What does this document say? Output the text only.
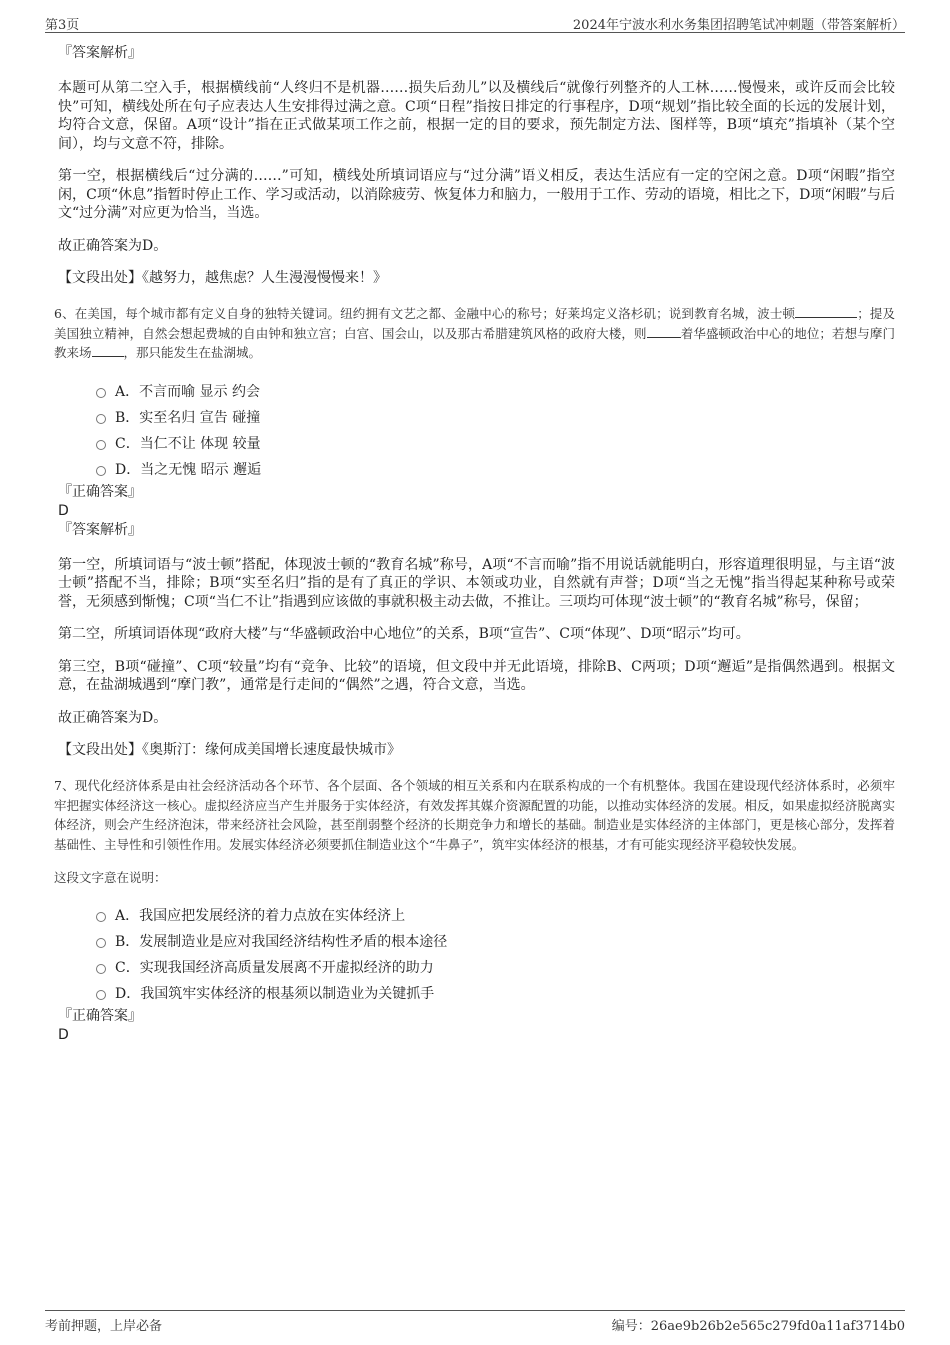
第3页	2024年宁波水利水务集团招聘笔试冲刺题（带答案解析）

『答案解析』

本题可从第二空入手，根据横线前“人终归不是机器……损失后劲儿”以及横线后“就像行列整齐的人工林……慢慢来，或许反而会比较快”可知，横线处所在句子应表达人生安排得过满之意。C项“日程”指按日排定的行事程序，D项“规划”指比较全面的长远的发展计划，均符合文意，保留。A项“设计”指在正式做某项工作之前，根据一定的目的要求，预先制定方法、图样等，B项“填充”指填补（某个空间），均与文意不符，排除。

第一空，根据横线后“过分满的……”可知，横线处所填词语应与“过分满”语义相反，表达生活应有一定的空闲之意。D项“闲暇”指空闲，C项“休息”指暂时停止工作、学习或活动，以消除疲劳、恢复体力和脑力，一般用于工作、劳动的语境，相比之下，D项“闲暇”与后文“过分满”对应更为恰当，当选。

故正确答案为D。

【文段出处】《越努力，越焦虑？人生漫漫慢慢来！》

6、在美国，每个城市都有定义自身的独特关键词。纽约拥有文艺之都、金融中心的称号；好莱坞定义洛杉矶；说到教育名城，波士顿	；提及美国独立精神，自然会想起费城的自由钟和独立宫；白宫、国会山，以及那古希腊建筑风格的政府大楼，则	着华盛顿政治中心的地位；若想与摩门教来场	，那只能发生在盐湖城。

A．不言而喻 显示 约会
B．实至名归 宣告 碰撞
C．当仁不让 体现 较量
D．当之无愧 昭示 邂逅

『正确答案』

D

『答案解析』

第一空，所填词语与“波士顿”搭配，体现波士顿的“教育名城”称号，A项“不言而喻”指不用说话就能明白，形容道理很明显，与主语“波士顿”搭配不当，排除；B项“实至名归”指的是有了真正的学识、本领或功业，自然就有声誉；D项“当之无愧”指当得起某种称号或荣誉，无须感到惭愧；C项“当仁不让”指遇到应该做的事就积极主动去做，不推让。三项均可体现“波士顿”的“教育名城”称号，保留；

第二空，所填词语体现“政府大楼”与“华盛顿政治中心地位”的关系，B项“宣告”、C项“体现”、D项“昭示”均可。

第三空，B项“碰撞”、C项“较量”均有“竞争、比较”的语境，但文段中并无此语境，排除B、C两项；D项“邂逅”是指偶然遇到。根据文意，在盐湖城遇到“摩门教”，通常是行走间的“偶然”之遇，符合文意，当选。

故正确答案为D。

【文段出处】《奥斯汀：缘何成美国增长速度最快城市》

7、现代化经济体系是由社会经济活动各个环节、各个层面、各个领域的相互关系和内在联系构成的一个有机整体。我国在建设现代经济体系时，必须牢牢把握实体经济这一核心。虚拟经济应当产生并服务于实体经济，有效发挥其媒介资源配置的功能，以推动实体经济的发展。相反，如果虚拟经济脱离实体经济，则会产生经济泡沫，带来经济社会风险，甚至削弱整个经济的长期竞争力和增长的基础。制造业是实体经济的主体部门，更是核心部分，发挥着基础性、主导性和引领性作用。发展实体经济必须要抓住制造业这个“牛鼻子”，筑牢实体经济的根基，才有可能实现经济平稳较快发展。

这段文字意在说明：

A．我国应把发展经济的着力点放在实体经济上
B．发展制造业是应对我国经济结构性矛盾的根本途径
C．实现我国经济高质量发展离不开虚拟经济的助力
D．我国筑牢实体经济的根基须以制造业为关键抓手

『正确答案』

D

考前押题，上岸必备	编号：26ae9b26b2e565c279fd0a11af3714b0
